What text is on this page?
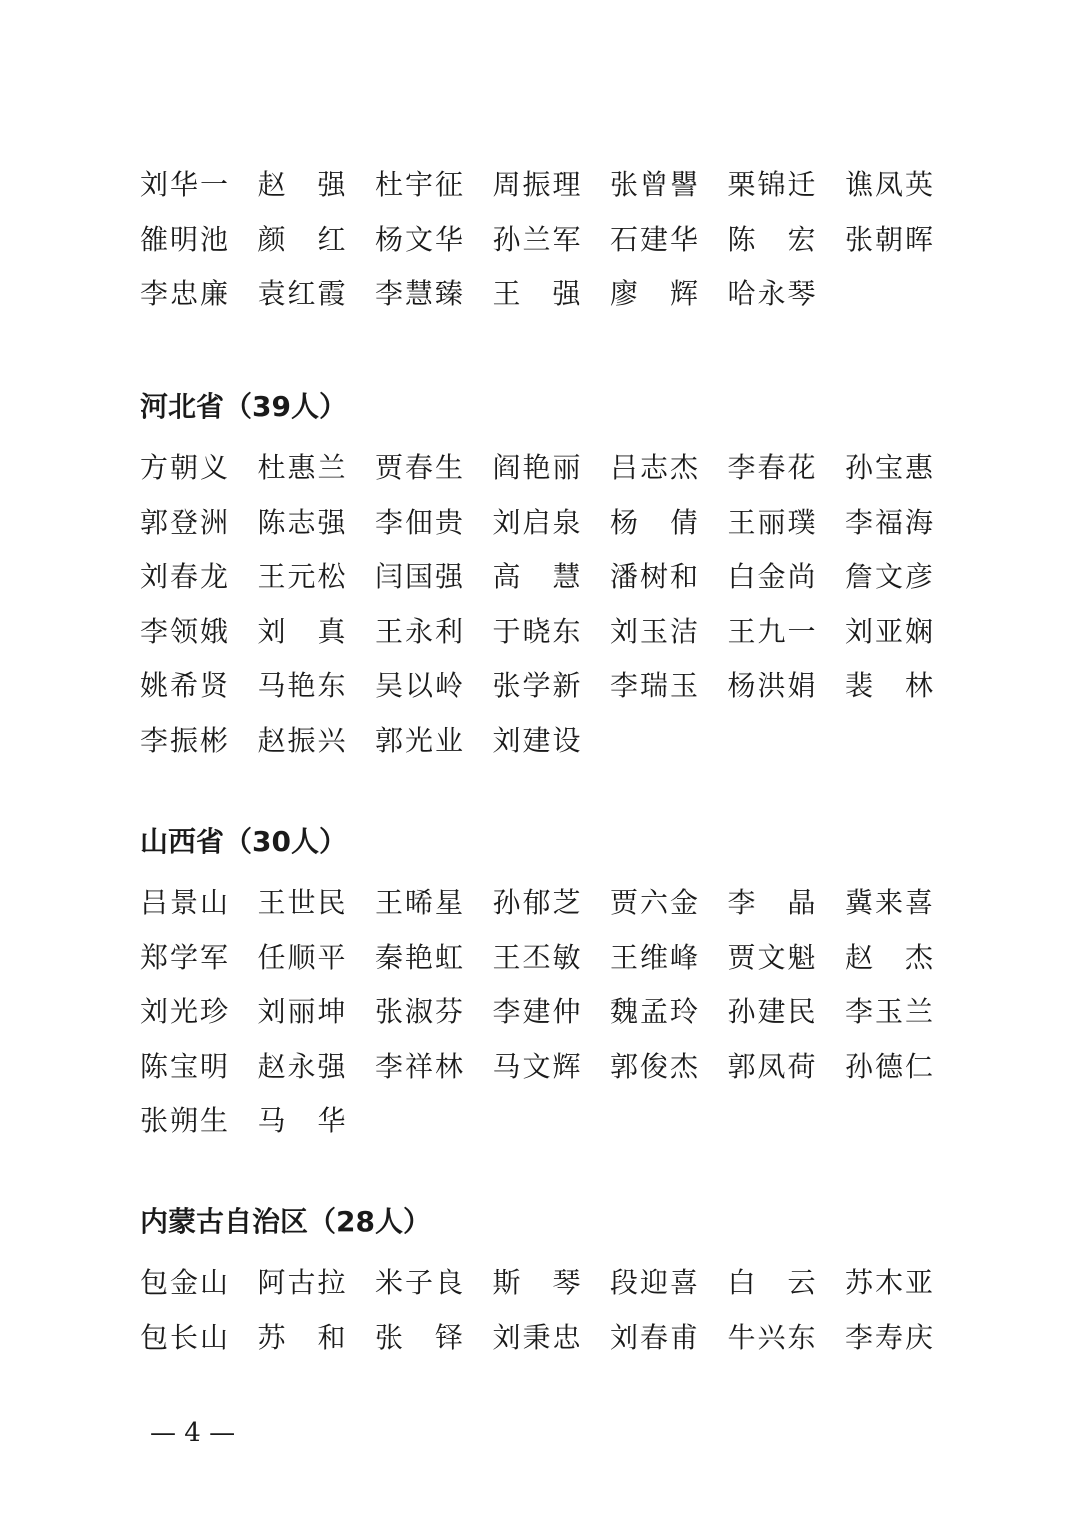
刘 华 一 赵 强 杜 宇 征 周 振 理 张 曾 譻 栗 锦 迁 谯 凤 英
雒 明 池 颜 红 杨 文 华 孙 兰 军 石 建 华 陈 宏 张 朝 晖
李 忠 廉 袁 红 霞 李 慧 臻 王 强 廖 辉 哈 永 琴
河北省（39人）
方 朝 义 杜 惠 兰 贾 春 生 阎 艳 丽 吕 志 杰 李 春 花 孙 宝 惠
郭 登 洲 陈 志 强 李 佃 贵 刘 启 泉 杨 倩 王 丽 璞 李 福 海
刘 春 龙 王 元 松 闫 国 强 高 慧 潘 树 和 白 金 尚 詹 文 彦
李 领 娥 刘 真 王 永 利 于 晓 东 刘 玉 洁 王 九 一 刘 亚 娴
姚 希 贤 马 艳 东 吴 以 岭 张 学 新 李 瑞 玉 杨 洪 娟 裴 林
李 振 彬 赵 振 兴 郭 光 业 刘 建 设
山西省（30人）
吕 景 山 王 世 民 王 晞 星 孙 郁 芝 贾 六 金 李 晶 冀 来 喜
郑 学 军 任 顺 平 秦 艳 虹 王 丕 敏 王 维 峰 贾 文 魁 赵 杰
刘 光 珍 刘 丽 坤 张 淑 芬 李 建 仲 魏 孟 玲 孙 建 民 李 玉 兰
陈 宝 明 赵 永 强 李 祥 林 马 文 辉 郭 俊 杰 郭 凤 荷 孙 德 仁
张 朔 生 马 华
内蒙古自治区（28人）
包 金 山 阿 古 拉 米 子 良 斯 琴 段 迎 喜 白 云 苏 木 亚
包 长 山 苏 和 张 铎 刘 秉 忠 刘 春 甫 牛 兴 东 李 寿 庆
— 4 —
